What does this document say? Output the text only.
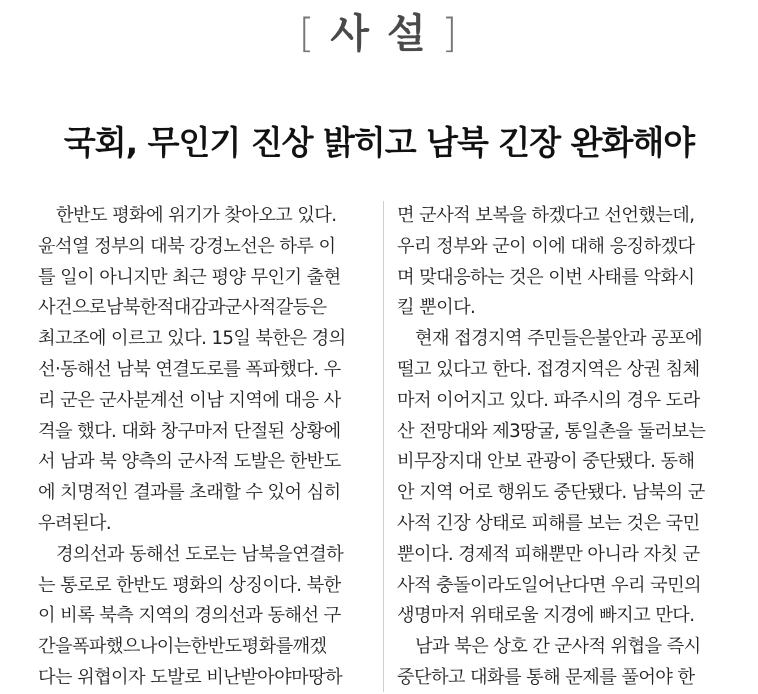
[ 사 설 ]
국회, 무인기 진상 밝히고 남북 긴장 완화해야
한반도 평화에 위기가 찾아오고 있다.
윤석열 정부의 대북 강경노선은 하루 이
틀 일이 아니지만 최근 평양 무인기 출현
사건으로남북한적대감과군사적갈등은
최고조에 이르고 있다. 15일 북한은 경의
선·동해선 남북 연결도로를 폭파했다. 우
리 군은 군사분계선 이남 지역에 대응 사
격을 했다. 대화 창구마저 단절된 상황에
서 남과 북 양측의 군사적 도발은 한반도
에 치명적인 결과를 초래할 수 있어 심히
우려된다.
경의선과 동해선 도로는 남북을연결하
는 통로로 한반도 평화의 상징이다. 북한
이 비록 북측 지역의 경의선과 동해선 구
간을폭파했으나이는한반도평화를깨겠
다는 위협이자 도발로 비난받아야마땅하
면 군사적 보복을 하겠다고 선언했는데,
우리 정부와 군이 이에 대해 응징하겠다
며 맞대응하는 것은 이번 사태를 악화시
킬 뿐이다.
현재 접경지역 주민들은불안과 공포에
떨고 있다고 한다. 접경지역은 상권 침체
마저 이어지고 있다. 파주시의 경우 도라
산 전망대와 제3땅굴, 통일촌을 둘러보는
비무장지대 안보 관광이 중단됐다. 동해
안 지역 어로 행위도 중단됐다. 남북의 군
사적 긴장 상태로 피해를 보는 것은 국민
뿐이다. 경제적 피해뿐만 아니라 자칫 군
사적 충돌이라도일어난다면 우리 국민의
생명마저 위태로울 지경에 빠지고 만다.
남과 북은 상호 간 군사적 위협을 즉시
중단하고 대화를 통해 문제를 풀어야 한
